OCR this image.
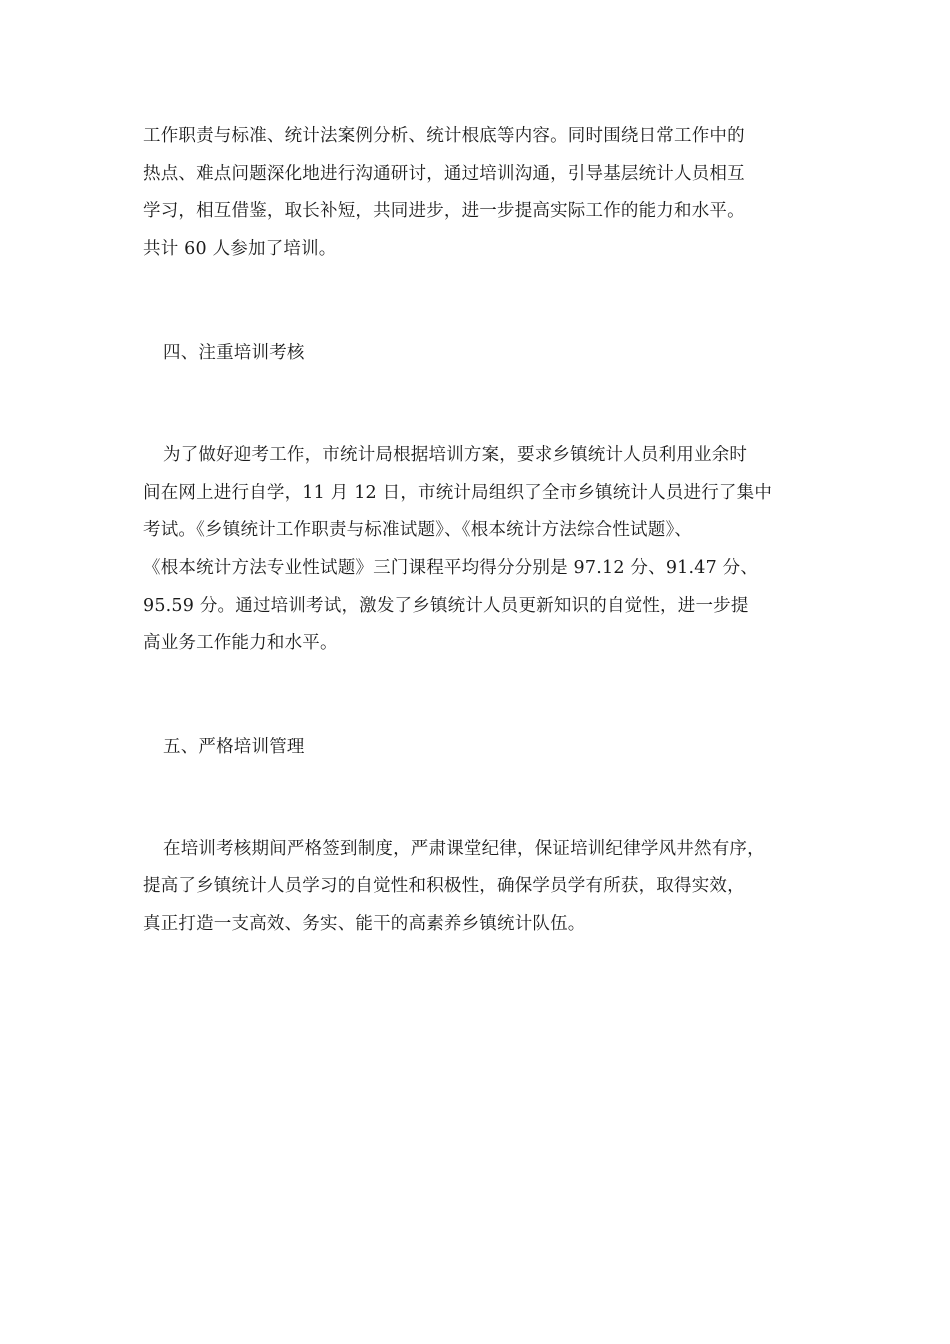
工作职责与标准、统计法案例分析、统计根底等内容。同时围绕日常工作中的
热点、难点问题深化地进行沟通研讨，通过培训沟通，引导基层统计人员相互
学习，相互借鉴，取长补短，共同进步，进一步提高实际工作的能力和水平。
共计 60 人参加了培训。
四、注重培训考核
为了做好迎考工作，市统计局根据培训方案，要求乡镇统计人员利用业余时
间在网上进行自学，11 月 12 日，市统计局组织了全市乡镇统计人员进行了集中
考试。《乡镇统计工作职责与标准试题》、《根本统计方法综合性试题》、
《根本统计方法专业性试题》三门课程平均得分分别是 97.12 分、91.47 分、
95.59 分。通过培训考试，激发了乡镇统计人员更新知识的自觉性，进一步提
高业务工作能力和水平。
五、严格培训管理
在培训考核期间严格签到制度，严肃课堂纪律，保证培训纪律学风井然有序，
提高了乡镇统计人员学习的自觉性和积极性，确保学员学有所获，取得实效，
真正打造一支高效、务实、能干的高素养乡镇统计队伍。
